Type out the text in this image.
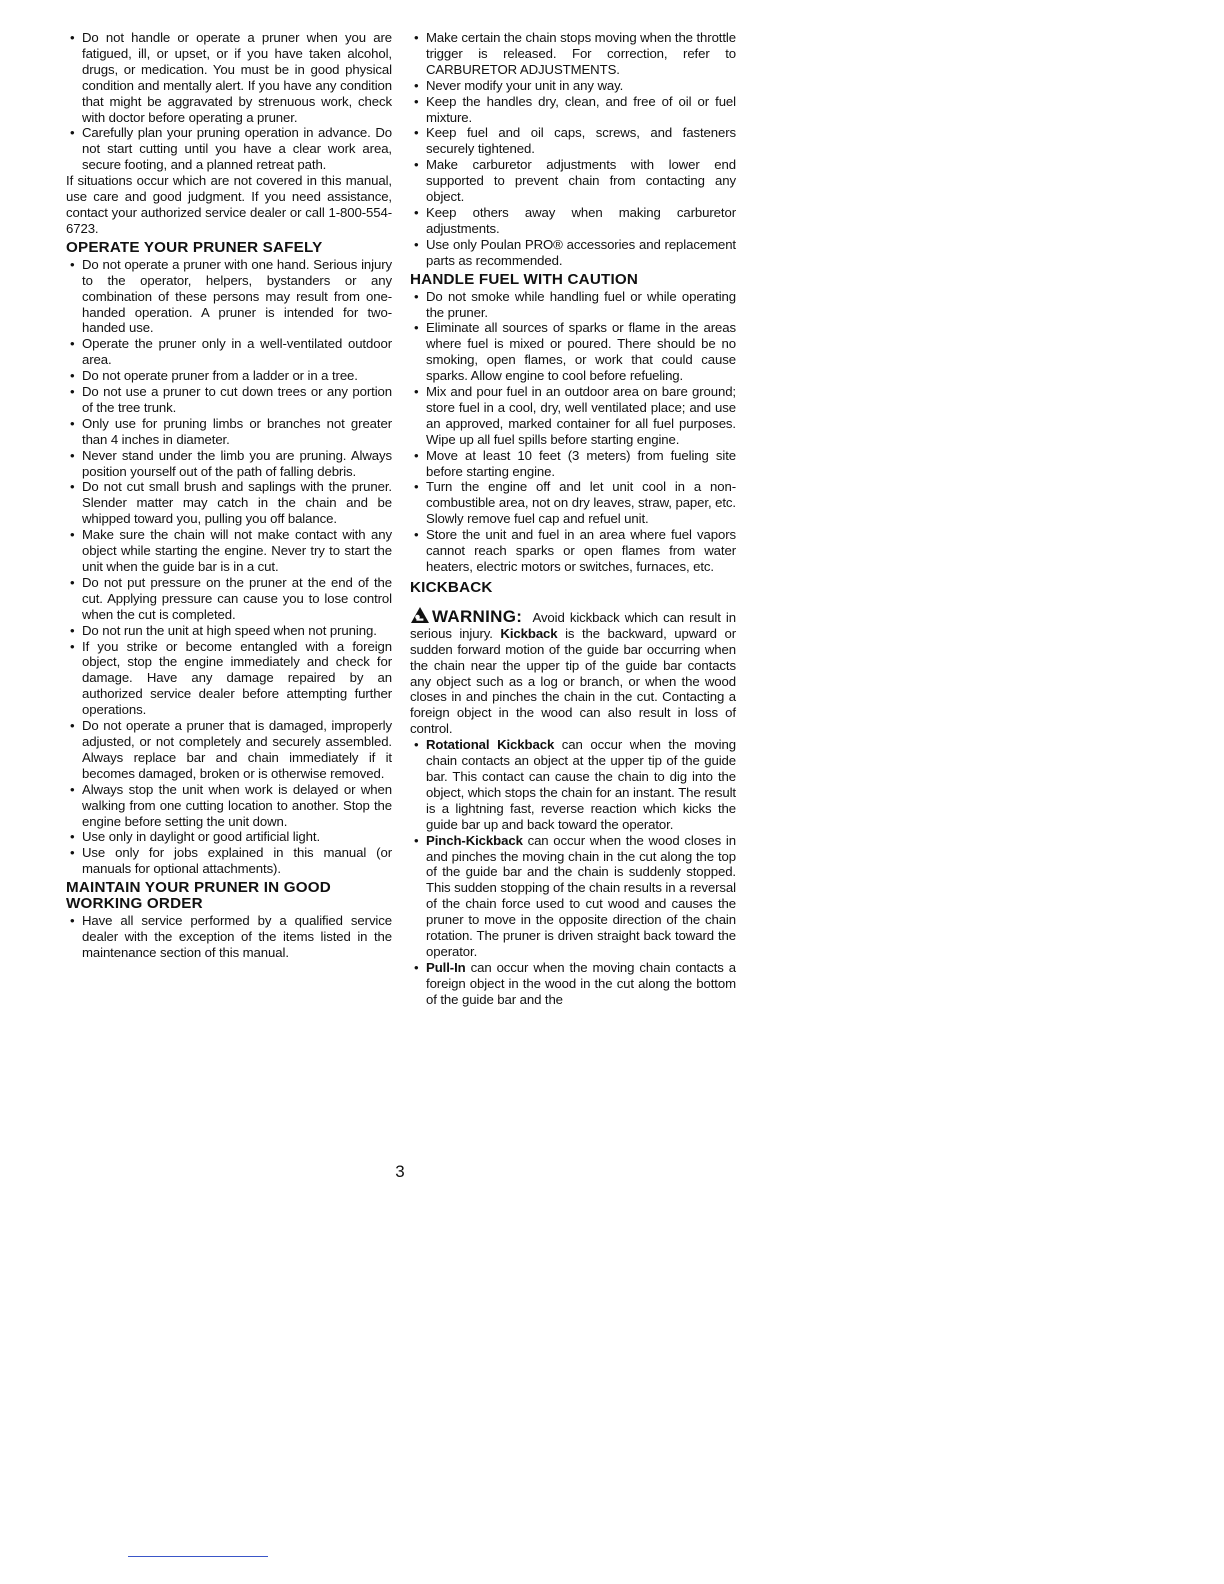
• Do not handle or operate a pruner when you are fatigued, ill, or upset, or if you have taken alcohol, drugs, or medication. You must be in good physical condition and mentally alert. If you have any condition that might be aggravated by strenuous work, check with doctor before operating a pruner.
• Carefully plan your pruning operation in advance. Do not start cutting until you have a clear work area, secure footing, and a planned retreat path.

If situations occur which are not covered in this manual, use care and good judgment. If you need assistance, contact your authorized service dealer or call 1-800-554-6723.

OPERATE YOUR PRUNER SAFELY
• Do not operate a pruner with one hand. Serious injury to the operator, helpers, bystanders or any combination of these persons may result from one-handed operation. A pruner is intended for two-handed use.
• Operate the pruner only in a well-ventilated outdoor area.
• Do not operate pruner from a ladder or in a tree.
• Do not use a pruner to cut down trees or any portion of the tree trunk.
• Only use for pruning limbs or branches not greater than 4 inches in diameter.
• Never stand under the limb you are pruning. Always position yourself out of the path of falling debris.
• Do not cut small brush and saplings with the pruner. Slender matter may catch in the chain and be whipped toward you, pulling you off balance.
• Make sure the chain will not make contact with any object while starting the engine. Never try to start the unit when the guide bar is in a cut.
• Do not put pressure on the pruner at the end of the cut. Applying pressure can cause you to lose control when the cut is completed.
• Do not run the unit at high speed when not pruning.
• If you strike or become entangled with a foreign object, stop the engine immediately and check for damage. Have any damage repaired by an authorized service dealer before attempting further operations.
• Do not operate a pruner that is damaged, improperly adjusted, or not completely and securely assembled. Always replace bar and chain immediately if it becomes damaged, broken or is otherwise removed.
• Always stop the unit when work is delayed or when walking from one cutting location to another. Stop the engine before setting the unit down.
• Use only in daylight or good artificial light.
• Use only for jobs explained in this manual (or manuals for optional attachments).
MAINTAIN YOUR PRUNER IN GOOD WORKING ORDER
• Have all service performed by a qualified service dealer with the exception of the items listed in the maintenance section of this manual.
• Make certain the chain stops moving when the throttle trigger is released. For correction, refer to CARBURETOR ADJUSTMENTS.
• Never modify your unit in any way.
• Keep the handles dry, clean, and free of oil or fuel mixture.
• Keep fuel and oil caps, screws, and fasteners securely tightened.
• Make carburetor adjustments with lower end supported to prevent chain from contacting any object.
• Keep others away when making carburetor adjustments.
• Use only Poulan PRO® accessories and replacement parts as recommended.
HANDLE FUEL WITH CAUTION
• Do not smoke while handling fuel or while operating the pruner.
• Eliminate all sources of sparks or flame in the areas where fuel is mixed or poured. There should be no smoking, open flames, or work that could cause sparks. Allow engine to cool before refueling.
• Mix and pour fuel in an outdoor area on bare ground; store fuel in a cool, dry, well ventilated place; and use an approved, marked container for all fuel purposes. Wipe up all fuel spills before starting engine.
• Move at least 10 feet (3 meters) from fueling site before starting engine.
• Turn the engine off and let unit cool in a non-combustible area, not on dry leaves, straw, paper, etc. Slowly remove fuel cap and refuel unit.
• Store the unit and fuel in an area where fuel vapors cannot reach sparks or open flames from water heaters, electric motors or switches, furnaces, etc.
KICKBACK

WARNING: Avoid kickback which can result in serious injury. Kickback is the backward, upward or sudden forward motion of the guide bar occurring when the chain near the upper tip of the guide bar contacts any object such as a log or branch, or when the wood closes in and pinches the chain in the cut. Contacting a foreign object in the wood can also result in loss of control.

• Rotational Kickback can occur when the moving chain contacts an object at the upper tip of the guide bar. This contact can cause the chain to dig into the object, which stops the chain for an instant. The result is a lightning fast, reverse reaction which kicks the guide bar up and back toward the operator.
• Pinch-Kickback can occur when the wood closes in and pinches the moving chain in the cut along the top of the guide bar and the chain is suddenly stopped. This sudden stopping of the chain results in a reversal of the chain force used to cut wood and causes the pruner to move in the opposite direction of the chain rotation. The pruner is driven straight back toward the operator.
• Pull-In can occur when the moving chain contacts a foreign object in the wood in the cut along the bottom of the guide bar and the
3
